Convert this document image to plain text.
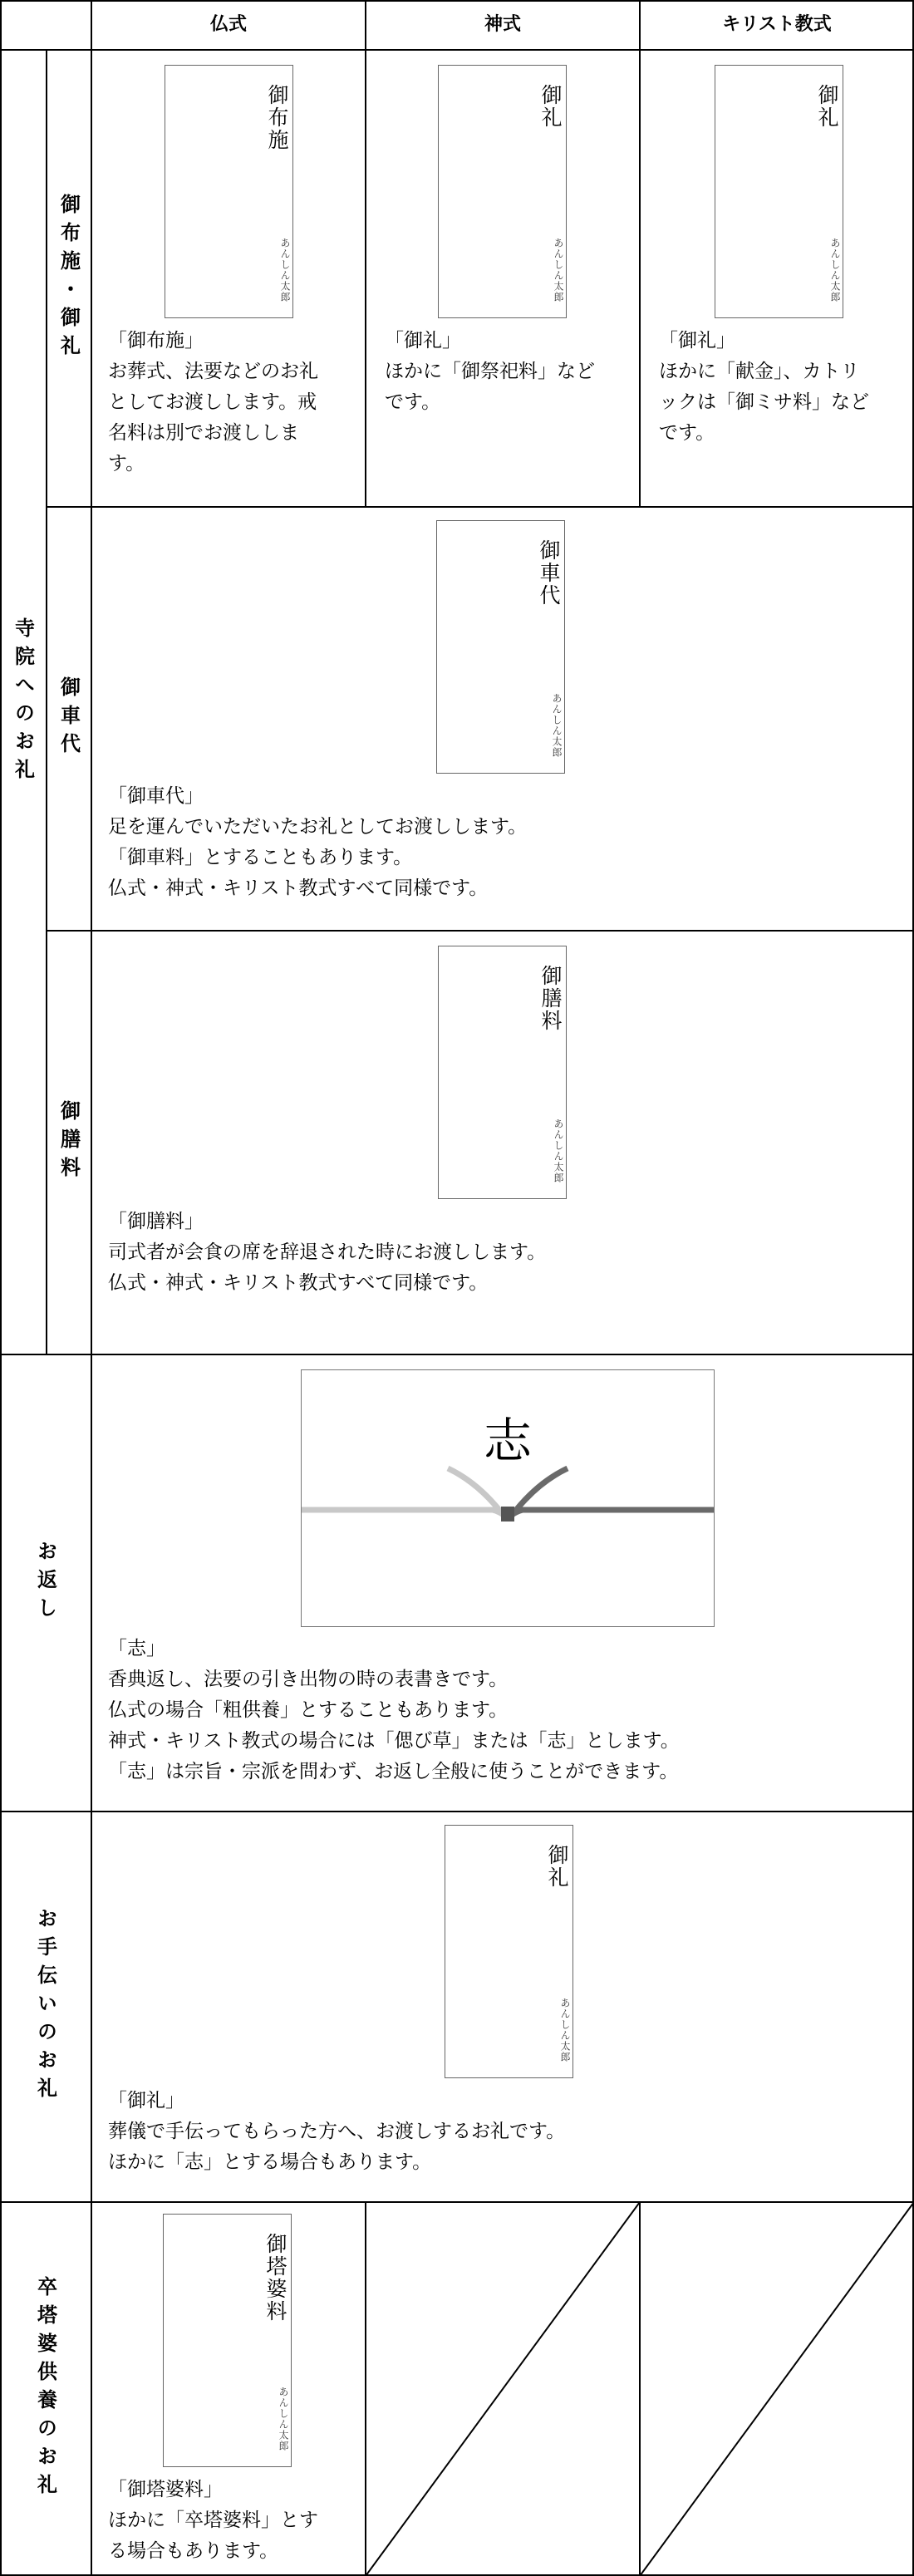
仏式	神式	キリスト教式
寺院へのお礼
御布施・御礼
御車代
御膳料
お返し
お手伝いのお礼
卒塔婆供養のお礼
御布施
あんしん太郎
「御布施」
お葬式、法要などのお礼
としてお渡しします。戒
名料は別でお渡ししま
す。
御礼
あんしん太郎
「御礼」
ほかに「御祭祀料」など
です。
御礼
あんしん太郎
「御礼」
ほかに「献金」、カトリ
ックは「御ミサ料」など
です。
御車代
あんしん太郎
「御車代」
足を運んでいただいたお礼としてお渡しします。
「御車料」とすることもあります。
仏式・神式・キリスト教式すべて同様です。
御膳料
あんしん太郎
「御膳料」
司式者が会食の席を辞退された時にお渡しします。
仏式・神式・キリスト教式すべて同様です。
志
「志」
香典返し、法要の引き出物の時の表書きです。
仏式の場合「粗供養」とすることもあります。
神式・キリスト教式の場合には「偲び草」または「志」とします。
「志」は宗旨・宗派を問わず、お返し全般に使うことができます。
御礼
あんしん太郎
「御礼」
葬儀で手伝ってもらった方へ、お渡しするお礼です。
ほかに「志」とする場合もあります。
御塔婆料
あんしん太郎
「御塔婆料」
ほかに「卒塔婆料」とす
る場合もあります。
